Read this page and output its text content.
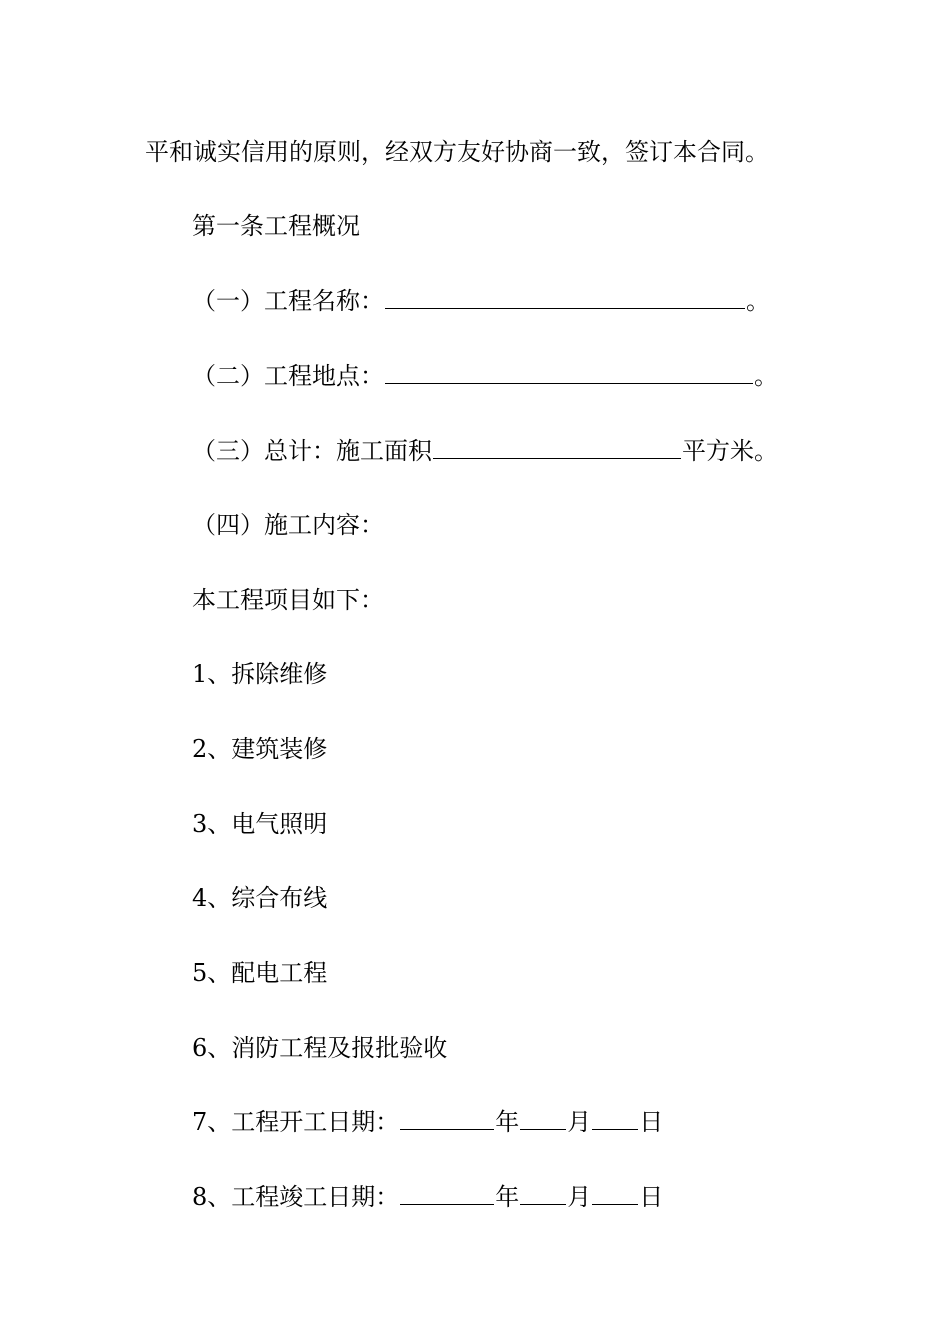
平和诚实信用的原则，经双方友好协商一致，签订本合同。
第一条工程概况
（一）工程名称：	。
（二）工程地点：	。
（三）总计：施工面积	平方米。
（四）施工内容：
本工程项目如下：
1、拆除维修
2、建筑装修
3、电气照明
4、综合布线
5、配电工程
6、消防工程及报批验收
7、工程开工日期：	年 月 日
8、工程竣工日期：	年 月 日
